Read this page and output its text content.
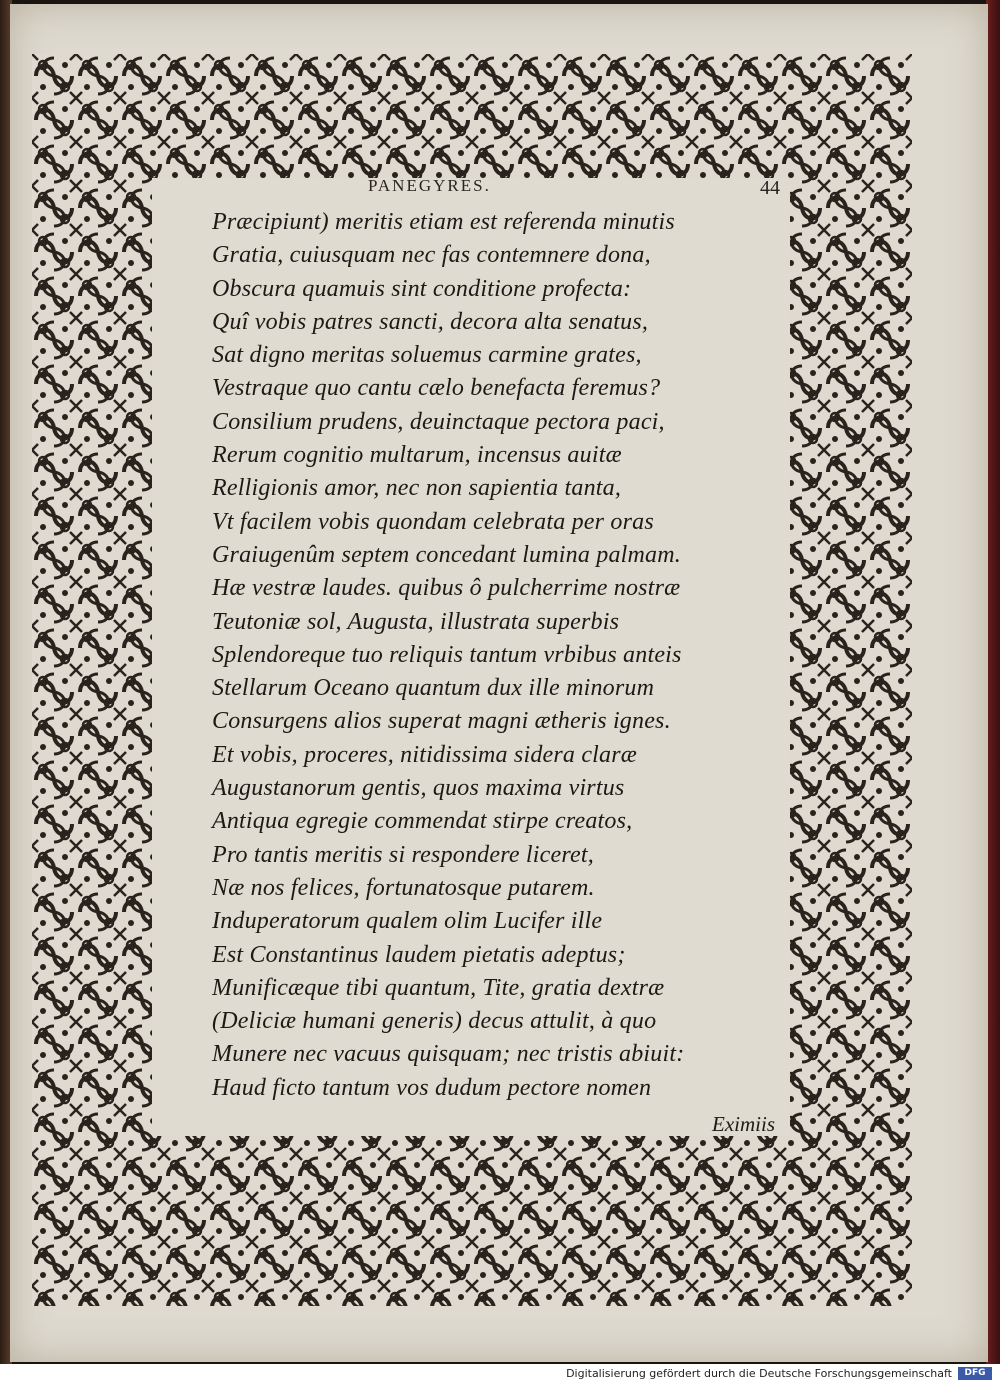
PANEGYRES.	44
Præcipiunt) meritis etiam est referenda minutis
Gratia, cuiusquam nec fas contemnere dona,
Obscura quamuis sint conditione profecta:
Quî vobis patres sancti, decora alta senatus,
Sat digno meritas soluemus carmine grates,
Vestraque quo cantu cælo benefacta feremus?
Consilium prudens, deuinctaque pectora paci,
Rerum cognitio multarum, incensus auitæ
Relligionis amor, nec non sapientia tanta,
Vt facilem vobis quondam celebrata per oras
Graiugenûm septem concedant lumina palmam.
Hæ vestræ laudes. quibus ô pulcherrime nostræ
Teutoniæ sol, Augusta, illustrata superbis
Splendoreque tuo reliquis tantum vrbibus anteis
Stellarum Oceano quantum dux ille minorum
Consurgens alios superat magni ætheris ignes.
Et vobis, proceres, nitidissima sidera claræ
Augustanorum gentis, quos maxima virtus
Antiqua egregie commendat stirpe creatos,
Pro tantis meritis si respondere liceret,
Næ nos felices, fortunatosque putarem.
Induperatorum qualem olim Lucifer ille
Est Constantinus laudem pietatis adeptus;
Munificæque tibi quantum, Tite, gratia dextræ
(Deliciæ humani generis) decus attulit, à quo
Munere nec vacuus quisquam; nec tristis abiuit:
Haud ficto tantum vos dudum pectore nomen
Eximiis
Digitalisierung gefördert durch die Deutsche Forschungsgemeinschaft	DFG
